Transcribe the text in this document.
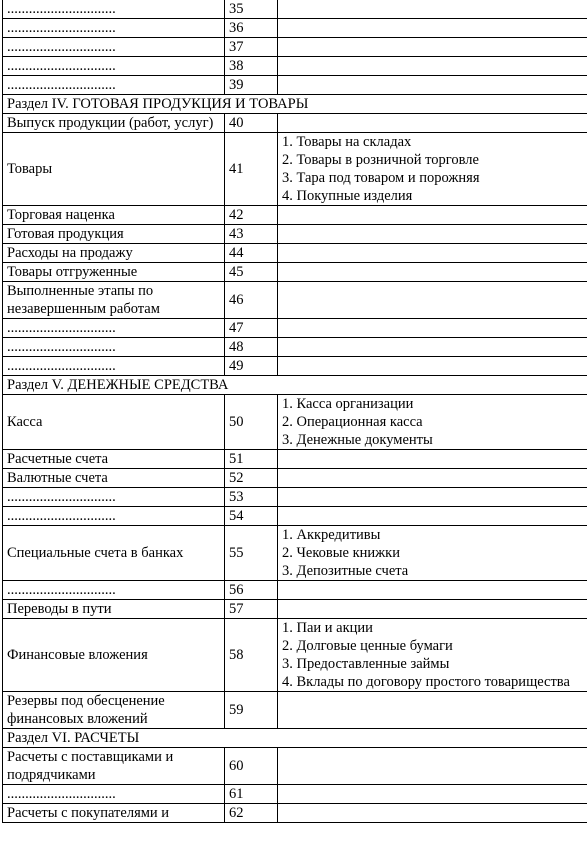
..............................	35	
..............................	36	
..............................	37	
..............................	38	
..............................	39	
Раздел IV. ГОТОВАЯ ПРОДУКЦИЯ И ТОВАРЫ		
Выпуск продукции (работ, услуг)	40	
Товары	41	1. Товары на складах
2. Товары в розничной торговле
3. Тара под товаром и порожняя
4. Покупные изделия

Торговая наценка	42	
Готовая продукция	43	
Расходы на продажу	44	
Товары отгруженные	45	
Выполненные этапы по незавершенным работам	46	
..............................	47	
..............................	48	
..............................	49	
Раздел V. ДЕНЕЖНЫЕ СРЕДСТВА		
Касса	50	1. Касса организации
2. Операционная касса
3. Денежные документы

Расчетные счета	51	
Валютные счета	52	
..............................	53	
..............................	54	
Специальные счета в банках	55	1. Аккредитивы
2. Чековые книжки
3. Депозитные счета

..............................	56	
Переводы в пути	57	
Финансовые вложения	58	1. Паи и акции
2. Долговые ценные бумаги
3. Предоставленные займы
4. Вклады по договору простого товарищества

Резервы под обесценение финансовых вложений	59	
Раздел VI. РАСЧЕТЫ		
Расчеты с поставщиками и подрядчиками	60	
..............................	61	
Расчеты с покупателями и	62	
